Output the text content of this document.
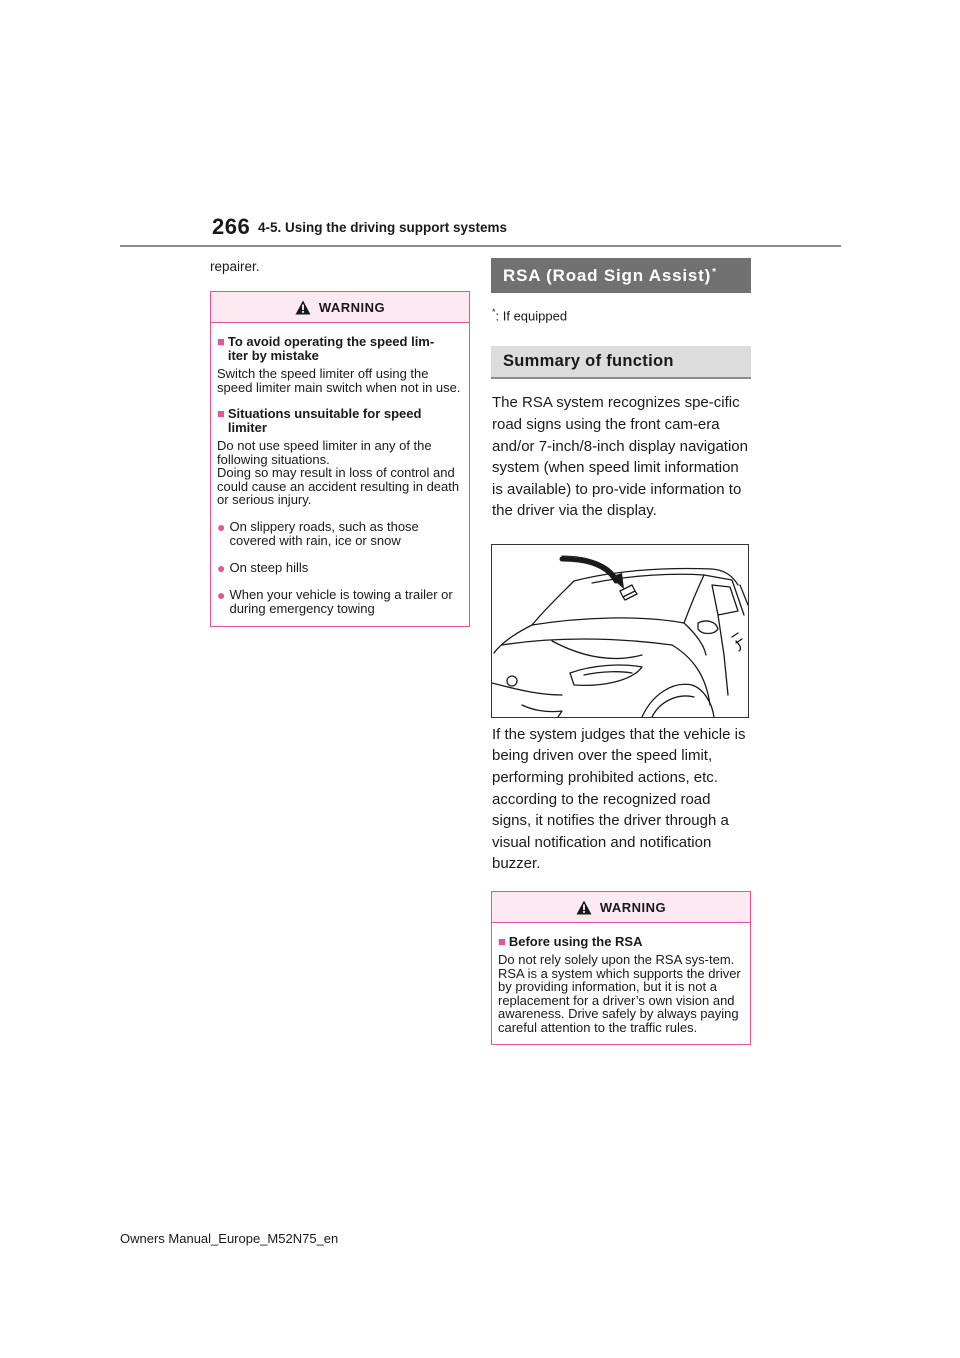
266 4-5. Using the driving support systems

repairer.

WARNING
■ To avoid operating the speed lim-
iter by mistake

Switch the speed limiter off using the speed limiter main switch when not in use.

■ Situations unsuitable for speed
limiter

Do not use speed limiter in any of the following situations.
Doing so may result in loss of control and could cause an accident resulting in death or serious injury.

● On slippery roads, such as those covered with rain, ice or snow
● On steep hills
● When your vehicle is towing a trailer or during emergency towing
RSA (Road Sign Assist)*
*: If equipped
Summary of function

The RSA system recognizes spe-cific road signs using the front cam-era and/or 7-inch/8-inch display navigation system (when speed limit information is available) to pro-vide information to the driver via the display.

If the system judges that the vehicle is being driven over the speed limit, performing prohibited actions, etc. according to the recognized road signs, it notifies the driver through a visual notification and notification buzzer.

WARNING
■ Before using the RSA

Do not rely solely upon the RSA sys-tem. RSA is a system which supports the driver by providing information, but it is not a replacement for a driver’s own vision and awareness. Drive safely by always paying careful attention to the traffic rules.

Owners Manual_Europe_M52N75_en
